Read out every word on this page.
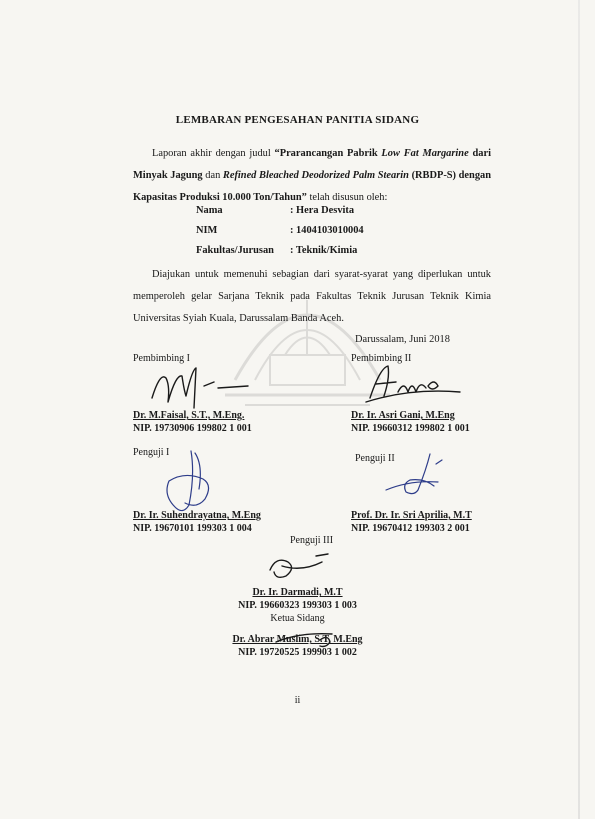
LEMBARAN PENGESAHAN PANITIA SIDANG
Laporan akhir dengan judul “Prarancangan Pabrik Low Fat Margarine dari Minyak Jagung dan Refined Bleached Deodorized Palm Stearin (RBDP-S) dengan Kapasitas Produksi 10.000 Ton/Tahun” telah disusun oleh:
Nama	: Hera Desvita
NIM	: 1404103010004
Fakultas/Jurusan : Teknik/Kimia
Diajukan untuk memenuhi sebagian dari syarat-syarat yang diperlukan untuk memperoleh gelar Sarjana Teknik pada Fakultas Teknik Jurusan Teknik Kimia Universitas Syiah Kuala, Darussalam Banda Aceh.
Darussalam, Juni 2018
Pembimbing I
Dr. M.Faisal, S.T., M.Eng.
NIP. 19730906 199802 1 001
Pembimbing II
Dr. Ir. Asri Gani, M.Eng
NIP. 19660312 199802 1 001
Penguji I
Dr. Ir. Suhendrayatna, M.Eng
NIP. 19670101 199303 1 004
Penguji II
Prof. Dr. Ir. Sri Aprilia, M.T
NIP. 19670412 199303 2 001
Penguji III
Dr. Ir. Darmadi, M.T
NIP. 19660323 199303 1 003
Ketua Sidang
Dr. Abrar Muslim, S.T, M.Eng
NIP. 19720525 199903 1 002
ii
